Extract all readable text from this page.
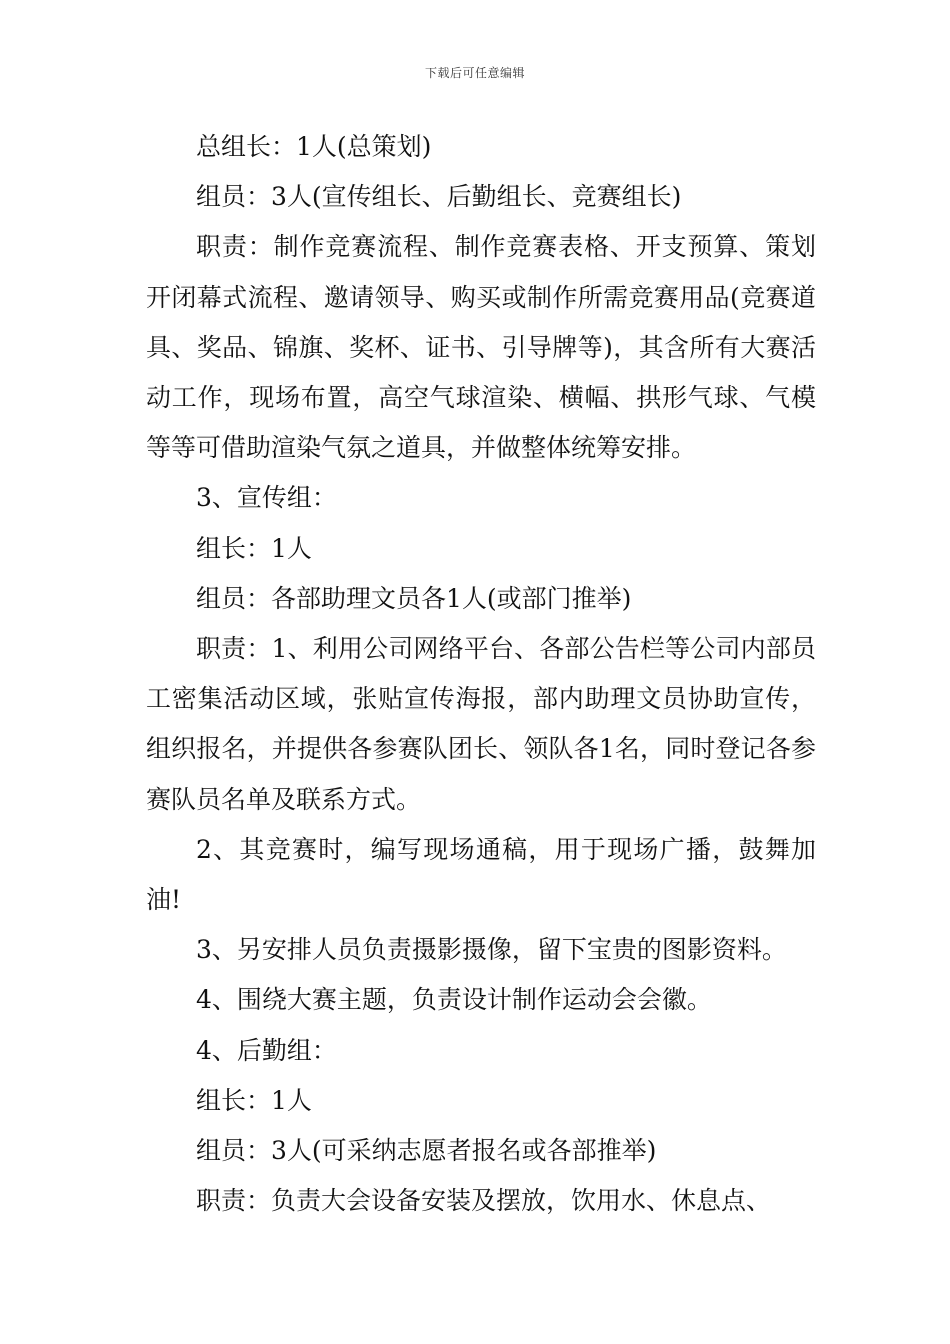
下载后可任意编辑

总组长：1人(总策划)

组员：3人(宣传组长、后勤组长、竞赛组长)

职责：制作竞赛流程、制作竞赛表格、开支预算、策划开闭幕式流程、邀请领导、购买或制作所需竞赛用品(竞赛道具、奖品、锦旗、奖杯、证书、引导牌等)，其含所有大赛活动工作，现场布置，高空气球渲染、横幅、拱形气球、气模等等可借助渲染气氛之道具，并做整体统筹安排。

3、宣传组：

组长：1人

组员：各部助理文员各1人(或部门推举)

职责：1、利用公司网络平台、各部公告栏等公司内部员工密集活动区域，张贴宣传海报，部内助理文员协助宣传，组织报名，并提供各参赛队团长、领队各1名，同时登记各参赛队员名单及联系方式。

2、其竞赛时，编写现场通稿，用于现场广播，鼓舞加油!

3、另安排人员负责摄影摄像，留下宝贵的图影资料。

4、围绕大赛主题，负责设计制作运动会会徽。

4、后勤组：

组长：1人

组员：3人(可采纳志愿者报名或各部推举)

职责：负责大会设备安装及摆放，饮用水、休息点、
